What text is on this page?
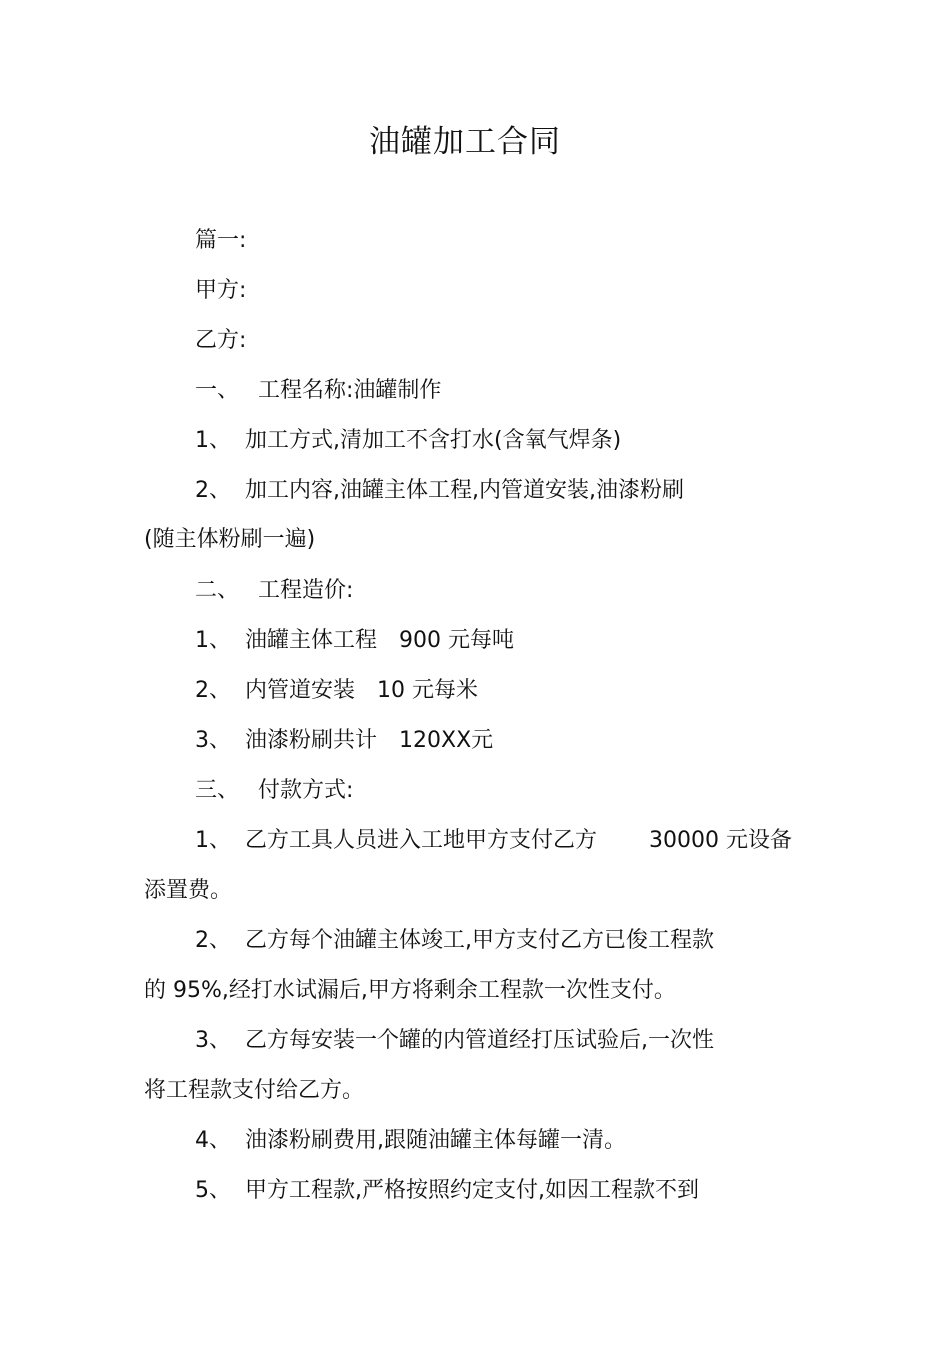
油罐加工合同
篇一:
甲方:
乙方:
一、 工程名称:油罐制作
1、 加工方式,清加工不含打水(含氧气焊条)
2、 加工内容,油罐主体工程,内管道安装,油漆粉刷
(随主体粉刷一遍)
二、 工程造价:
1、 油罐主体工程 900 元每吨
2、 内管道安装 10 元每米
3、 油漆粉刷共计 120XX元
三、 付款方式:
1、 乙方工具人员进入工地甲方支付乙方 30000 元设备
添置费。
2、 乙方每个油罐主体竣工,甲方支付乙方已俊工程款
的 95%,经打水试漏后,甲方将剩余工程款一次性支付。
3、 乙方每安装一个罐的内管道经打压试验后,一次性
将工程款支付给乙方。
4、 油漆粉刷费用,跟随油罐主体每罐一清。
5、 甲方工程款,严格按照约定支付,如因工程款不到
